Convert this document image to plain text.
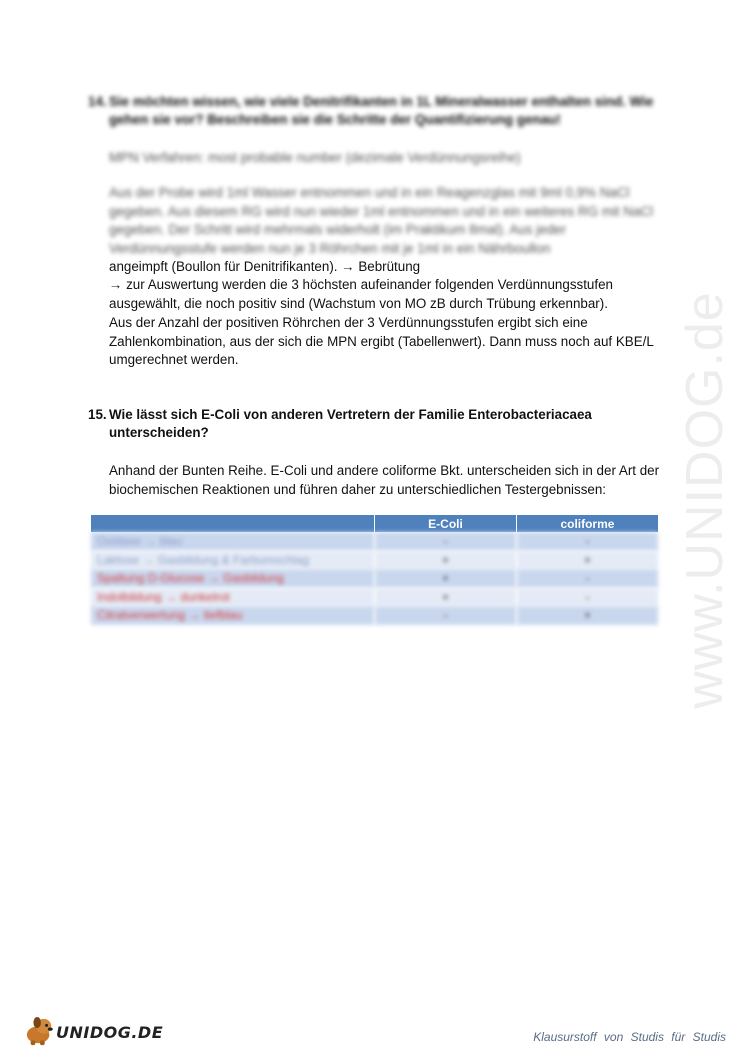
www.UNIDOG.de
14. Sie möchten wissen, wie viele Denitrifikanten in 1L Mineralwasser enthalten sind. Wie gehen sie vor? Beschreiben sie die Schritte der Quantifizierung genau!

MPN Verfahren: most probable number (dezimale Verdünnungsreihe)

Aus der Probe wird 1ml Wasser entnommen und in ein Reagenzglas mit 9ml 0,9% NaCl gegeben. Aus diesem RG wird nun wieder 1ml entnommen und in ein weiteres RG mit NaCl gegeben. Der Schritt wird mehrmals widerholt (im Praktikum 8mal). Aus jeder Verdünnungsstufe werden nun je 3 Röhrchen mit je 1ml in ein Nährboullon

angeimpft (Boullon für Denitrifikanten). → Bebrütung

→ zur Auswertung werden die 3 höchsten aufeinander folgenden Verdünnungsstufen ausgewählt, die noch positiv sind (Wachstum von MO zB durch Trübung erkennbar).

Aus der Anzahl der positiven Röhrchen der 3 Verdünnungsstufen ergibt sich eine Zahlenkombination, aus der sich die MPN ergibt (Tabellenwert). Dann muss noch auf KBE/L umgerechnet werden.

15. Wie lässt sich E-Coli von anderen Vertretern der Familie Enterobacteriacaea unterscheiden?

Anhand der Bunten Reihe. E-Coli und andere coliforme Bkt. unterscheiden sich in der Art der biochemischen Reaktionen und führen daher zu unterschiedlichen Testergebnissen:

	E-Coli	coliforme
Oxidase → blau	-	-
Laktose → Gasbildung & Farbumschlag	+	+
Spaltung D-Glucose → Gasbildung	+	-
Indolbildung → dunkelrot	+	-
Citratverwertung → tiefblau	-	+
UNIDOG.DE	Klausurstoff von Studis für Studis
